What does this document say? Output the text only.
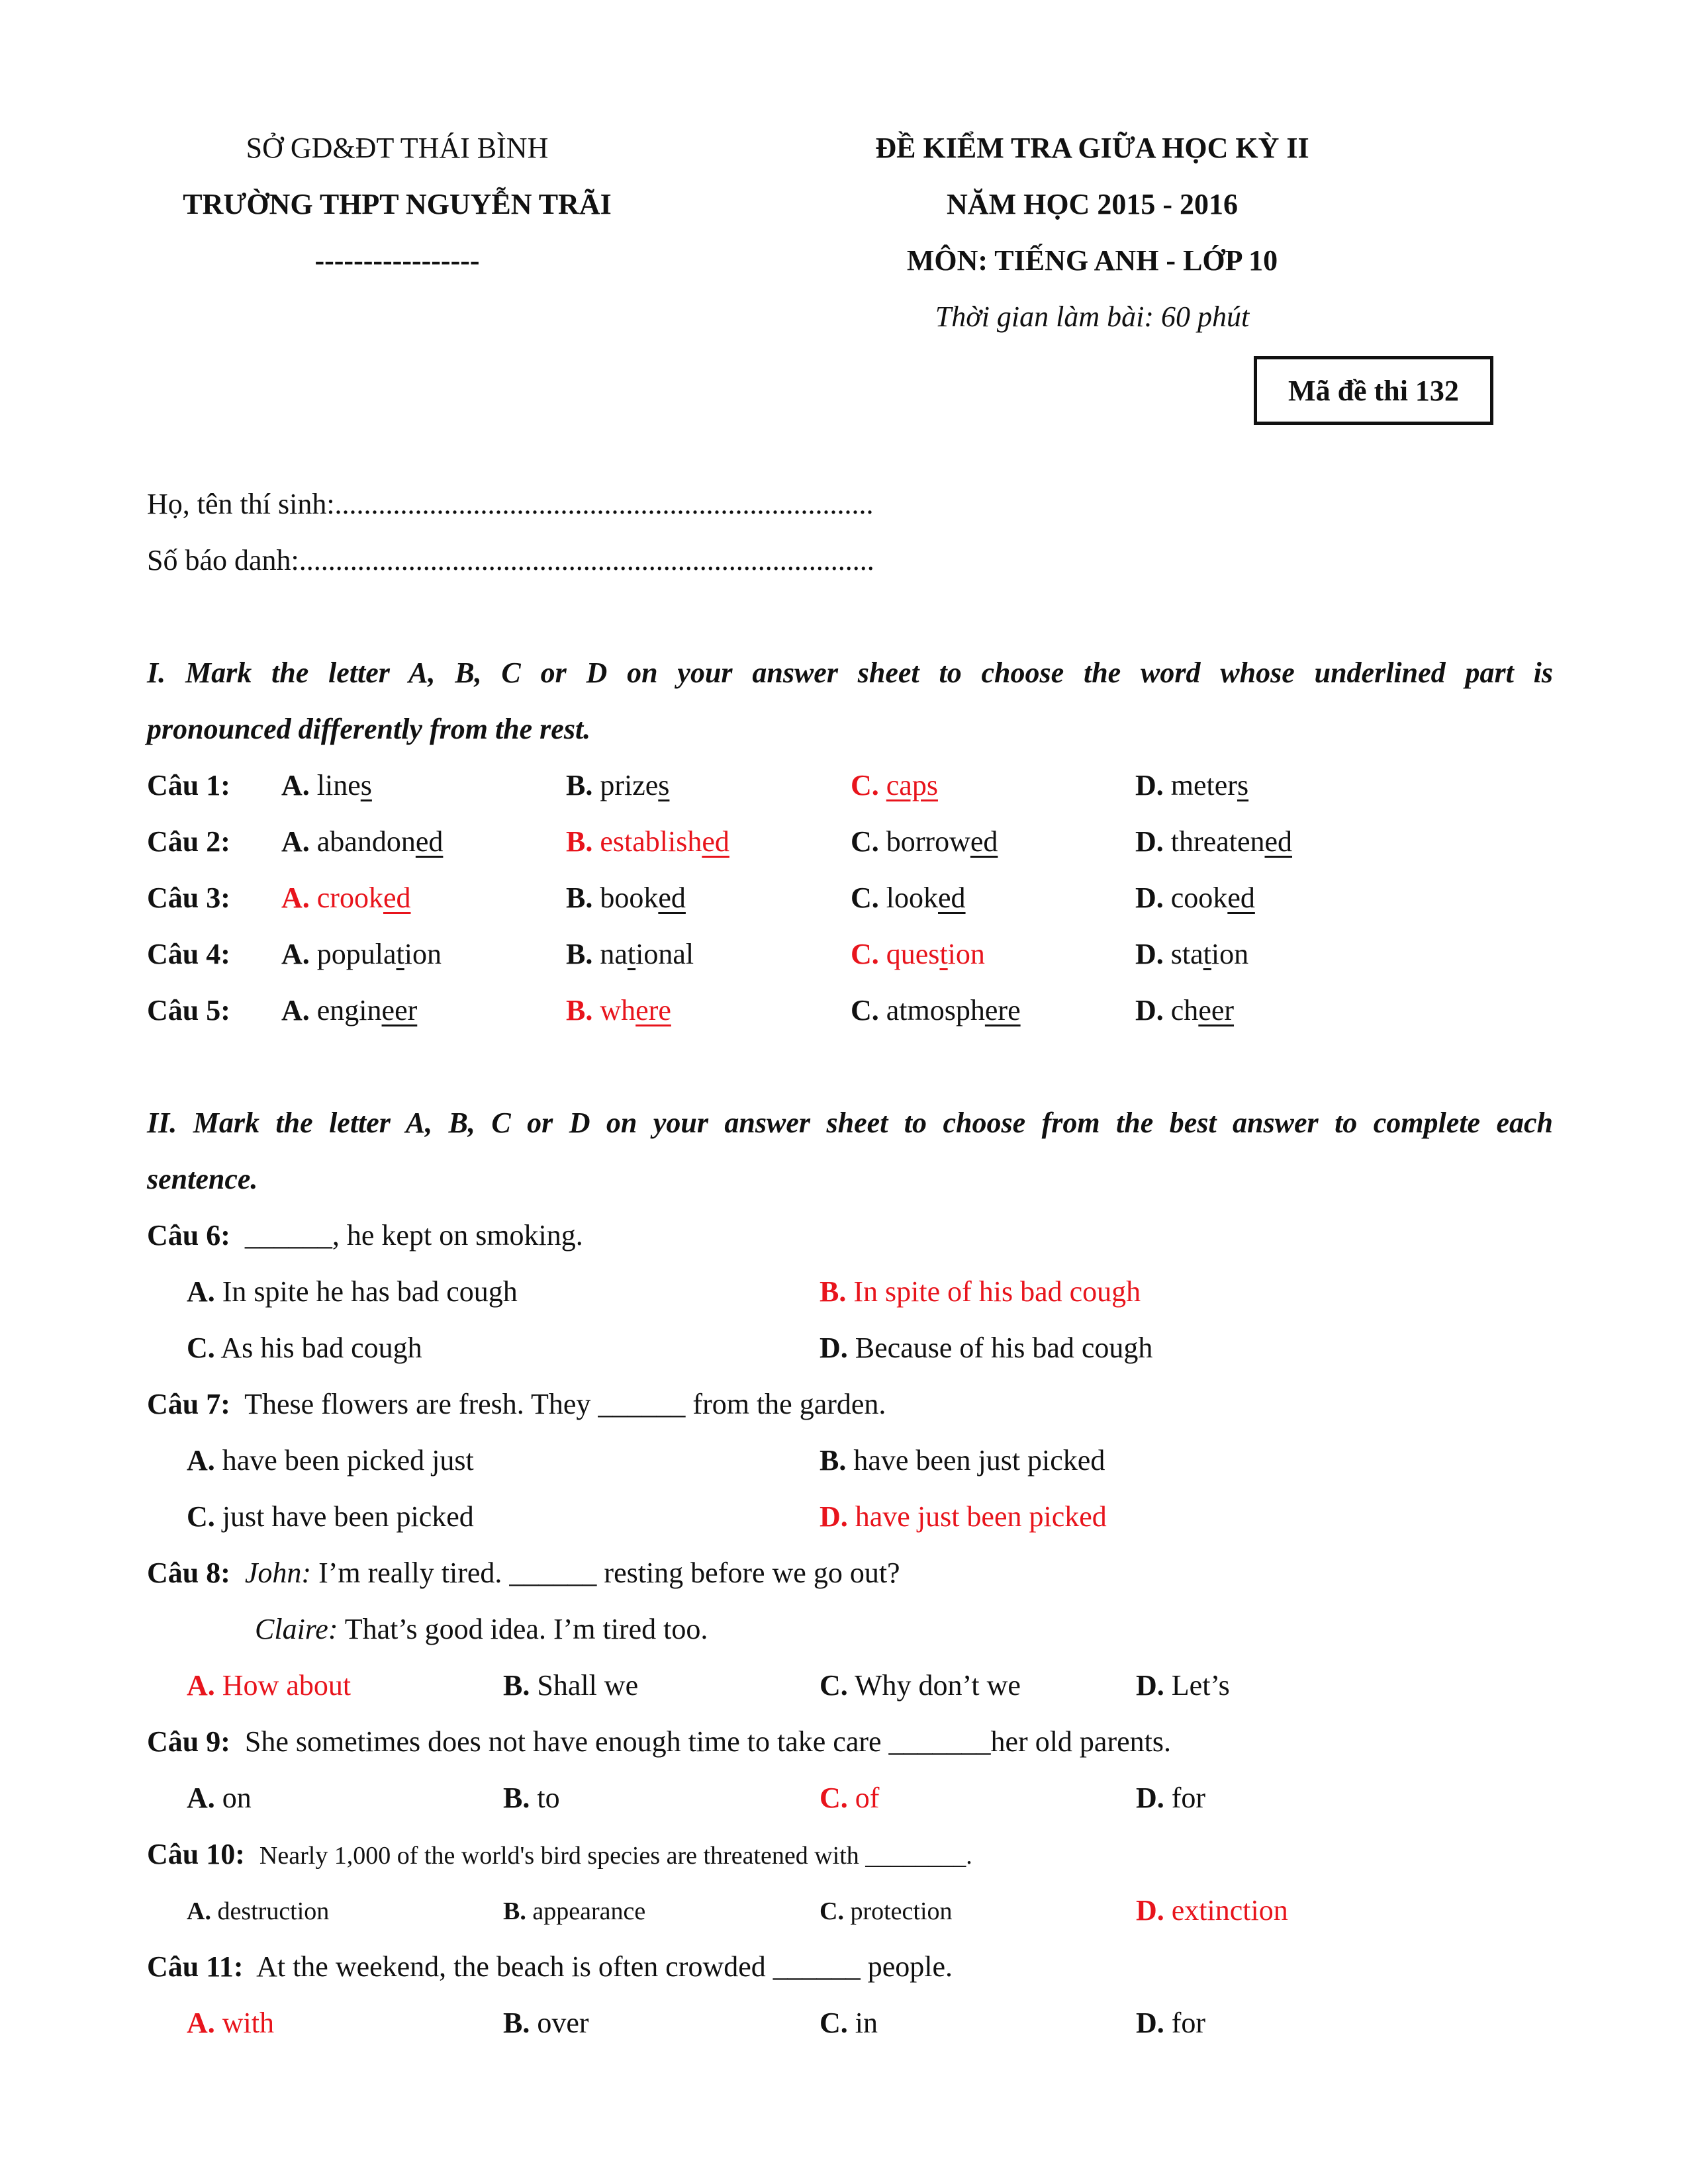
SỞ GD&ĐT THÁI BÌNH
TRƯỜNG THPT NGUYỄN TRÃI
-----------------
ĐỀ KIỂM TRA GIỮA HỌC KỲ II
NĂM HỌC 2015 - 2016
MÔN: TIẾNG ANH - LỚP 10
Thời gian làm bài: 60 phút
Mã đề thi 132
Họ, tên thí sinh:..........................................................................
Số báo danh:...............................................................................
I. Mark the letter A, B, C or D on your answer sheet to choose the word whose underlined part is
pronounced differently from the rest.
Câu 1: A. lines	B. prizes	C. caps	D. meters
Câu 2: A. abandoned	B. established	C. borrowed	D. threatened
Câu 3: A. crooked	B. booked	C. looked	D. cooked
Câu 4: A. population	B. national	C. question	D. station
Câu 5: A. engineer	B. where	C. atmosphere	D. cheer
II. Mark the letter A, B, C or D on your answer sheet to choose from the best answer to complete each
sentence.
Câu 6: ______, he kept on smoking.
A. In spite he has bad cough	B. In spite of his bad cough
C. As his bad cough	D. Because of his bad cough
Câu 7: These flowers are fresh. They ______ from the garden.
A. have been picked just	B. have been just picked
C. just have been picked	D. have just been picked
Câu 8: John: I’m really tired. ______ resting before we go out?
Claire: That’s good idea. I’m tired too.
A. How about	B. Shall we	C. Why don’t we	D. Let’s
Câu 9: She sometimes does not have enough time to take care _______her old parents.
A. on	B. to	C. of	D. for
Câu 10: Nearly 1,000 of the world's bird species are threatened with ________.
A. destruction	B. appearance	C. protection	D. extinction
Câu 11: At the weekend, the beach is often crowded ______ people.
A. with	B. over	C. in	D. for
